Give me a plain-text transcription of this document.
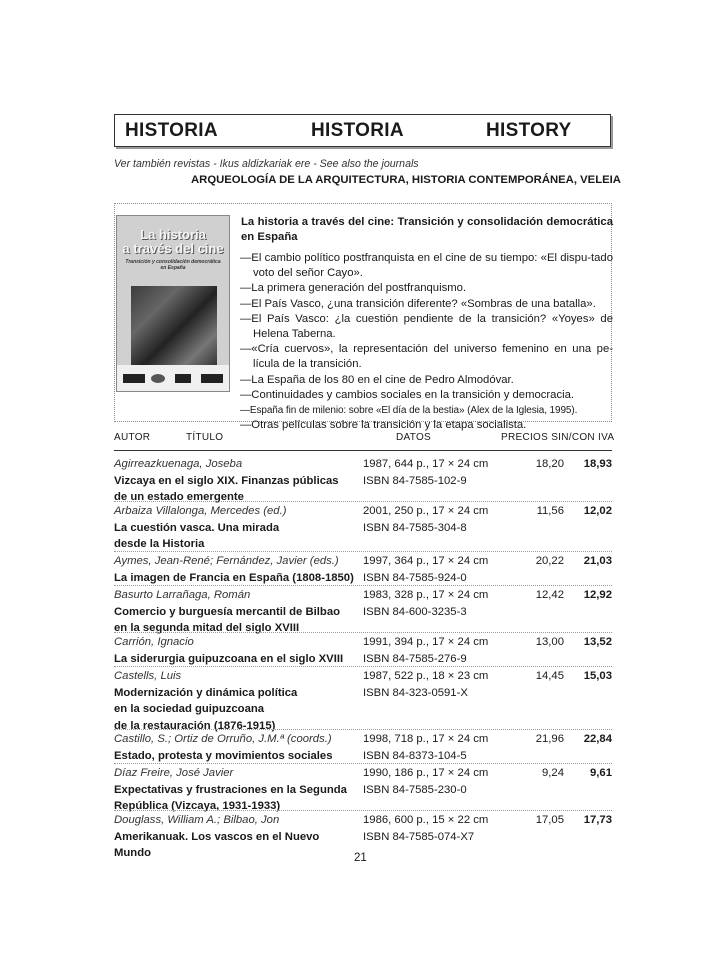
HISTORIA	HISTORIA	HISTORY
Ver también revistas - Ikus aldizkariak ere - See also the journals
ARQUEOLOGÍA DE LA ARQUITECTURA, HISTORIA CONTEMPORÁNEA, VELEIA
La historia
a través del cine
Transición y consolidación democrática
en España
La historia a través del cine: Transición y consolidación democrática en España
—El cambio político postfranquista en el cine de su tiempo: «El dispu-tado voto del señor Cayo».
—La primera generación del postfranquismo.
—El País Vasco, ¿una transición diferente? «Sombras de una batalla».
—El País Vasco: ¿la cuestión pendiente de la transición? «Yoyes» de Helena Taberna.
—«Cría cuervos», la representación del universo femenino en una pe-lícula de la transición.
—La España de los 80 en el cine de Pedro Almodóvar.
—Continuidades y cambios sociales en la transición y democracia.
—España fin de milenio: sobre «El día de la bestia» (Alex de la Iglesia, 1995).
—Otras películas sobre la transición y la etapa socialista.
AUTOR	TÍTULO	DATOS	PRECIOS SIN/CON IVA
Agirreazkuenaga, Joseba
Vizcaya en el siglo XIX. Finanzas públicas
de un estado emergente
1987, 644 p., 17 × 24 cm
ISBN 84-7585-102-9
18,20	18,93
Arbaiza Villalonga, Mercedes (ed.)
La cuestión vasca. Una mirada
desde la Historia
2001, 250 p., 17 × 24 cm
ISBN 84-7585-304-8
11,56	12,02
Aymes, Jean-René; Fernández, Javier (eds.)
La imagen de Francia en España (1808-1850)
1997, 364 p., 17 × 24 cm
ISBN 84-7585-924-0
20,22	21,03
Basurto Larrañaga, Román
Comercio y burguesía mercantil de Bilbao
en la segunda mitad del siglo XVIII
1983, 328 p., 17 × 24 cm
ISBN 84-600-3235-3
12,42	12,92
Carrión, Ignacio
La siderurgia guipuzcoana en el siglo XVIII
1991, 394 p., 17 × 24 cm
ISBN 84-7585-276-9
13,00	13,52
Castells, Luis
Modernización y dinámica política
en la sociedad guipuzcoana
de la restauración (1876-1915)
1987, 522 p., 18 × 23 cm
ISBN 84-323-0591-X
14,45	15,03
Castillo, S.; Ortiz de Orruño, J.M.ª (coords.)
Estado, protesta y movimientos sociales
1998, 718 p., 17 × 24 cm
ISBN 84-8373-104-5
21,96	22,84
Díaz Freire, José Javier
Expectativas y frustraciones en la Segunda
República (Vizcaya, 1931-1933)
1990, 186 p., 17 × 24 cm
ISBN 84-7585-230-0
9,24	9,61
Douglass, William A.; Bilbao, Jon
Amerikanuak. Los vascos en el Nuevo Mundo
1986, 600 p., 15 × 22 cm
ISBN 84-7585-074-X7
17,05	17,73
21
